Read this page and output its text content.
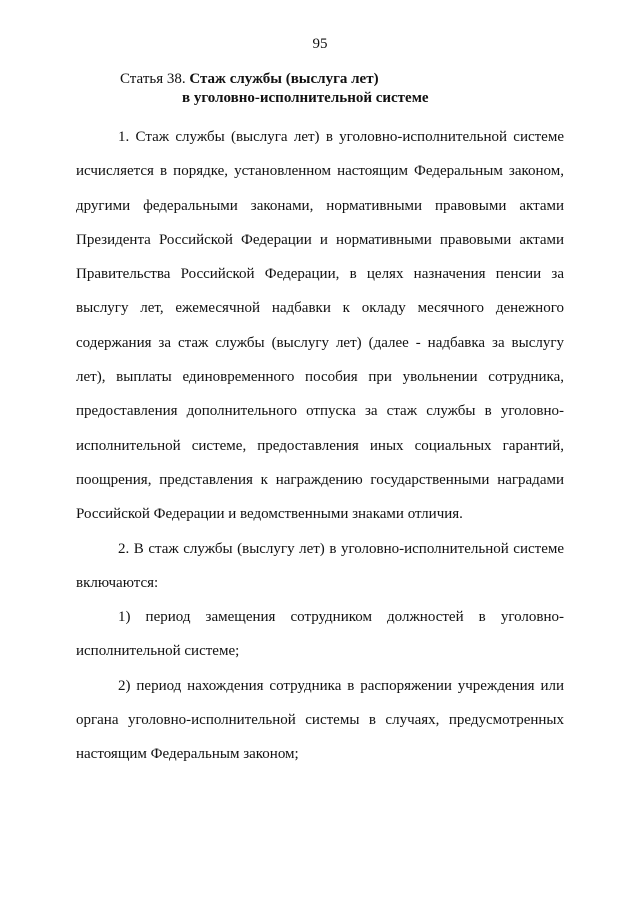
95
Статья 38. Стаж службы (выслуга лет)
в уголовно-исполнительной системе

1. Стаж службы (выслуга лет) в уголовно-исполнительной системе исчисляется в порядке, установленном настоящим Федеральным законом, другими федеральными законами, нормативными правовыми актами Президента Российской Федерации и нормативными правовыми актами Правительства Российской Федерации, в целях назначения пенсии за выслугу лет, ежемесячной надбавки к окладу месячного денежного содержания за стаж службы (выслугу лет) (далее - надбавка за выслугу лет), выплаты единовременного пособия при увольнении сотрудника, предоставления дополнительного отпуска за стаж службы в уголовно-исполнительной системе, предоставления иных социальных гарантий, поощрения, представления к награждению государственными наградами Российской Федерации и ведомственными знаками отличия.

2. В стаж службы (выслугу лет) в уголовно-исполнительной системе включаются:

1) период замещения сотрудником должностей в уголовно-исполнительной системе;

2) период нахождения сотрудника в распоряжении учреждения или органа уголовно-исполнительной системы в случаях, предусмотренных настоящим Федеральным законом;
